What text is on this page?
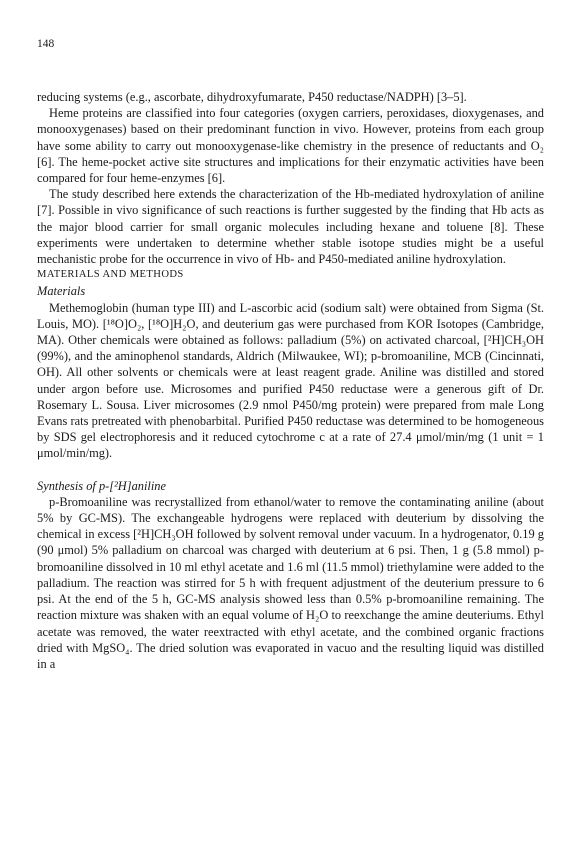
148

reducing systems (e.g., ascorbate, dihydroxyfumarate, P450 reductase/NADPH) [3–5].

Heme proteins are classified into four categories (oxygen carriers, peroxidases, dioxygenases, and monooxygenases) based on their predominant function in vivo. However, proteins from each group have some ability to carry out monooxygenase-like chemistry in the presence of reductants and O₂ [6]. The heme-pocket active site structures and implications for their enzymatic activities have been compared for four heme-enzymes [6].

The study described here extends the characterization of the Hb-mediated hydroxylation of aniline [7]. Possible in vivo significance of such reactions is further suggested by the finding that Hb acts as the major blood carrier for small organic molecules including hexane and toluene [8]. These experiments were undertaken to determine whether stable isotope studies might be a useful mechanistic probe for the occurrence in vivo of Hb- and P450-mediated aniline hydroxylation.

MATERIALS AND METHODS

Materials

Methemoglobin (human type III) and L-ascorbic acid (sodium salt) were obtained from Sigma (St. Louis, MO). [¹⁸O]O₂, [¹⁸O]H₂O, and deuterium gas were purchased from KOR Isotopes (Cambridge, MA). Other chemicals were obtained as follows: palladium (5%) on activated charcoal, [²H]CH₃OH (99%), and the aminophenol standards, Aldrich (Milwaukee, WI); p-bromoaniline, MCB (Cincinnati, OH). All other solvents or chemicals were at least reagent grade. Aniline was distilled and stored under argon before use. Microsomes and purified P450 reductase were a generous gift of Dr. Rosemary L. Sousa. Liver microsomes (2.9 nmol P450/mg protein) were prepared from male Long Evans rats pretreated with phenobarbital. Purified P450 reductase was determined to be homogeneous by SDS gel electrophoresis and it reduced cytochrome c at a rate of 27.4 μmol/min/mg (1 unit = 1 μmol/min/mg).

Synthesis of p-[²H]aniline

p-Bromoaniline was recrystallized from ethanol/water to remove the contaminating aniline (about 5% by GC-MS). The exchangeable hydrogens were replaced with deuterium by dissolving the chemical in excess [²H]CH₃OH followed by solvent removal under vacuum. In a hydrogenator, 0.19 g (90 μmol) 5% palladium on charcoal was charged with deuterium at 6 psi. Then, 1 g (5.8 mmol) p-bromoaniline dissolved in 10 ml ethyl acetate and 1.6 ml (11.5 mmol) triethylamine were added to the palladium. The reaction was stirred for 5 h with frequent adjustment of the deuterium pressure to 6 psi. At the end of the 5 h, GC-MS analysis showed less than 0.5% p-bromoaniline remaining. The reaction mixture was shaken with an equal volume of H₂O to reexchange the amine deuteriums. Ethyl acetate was removed, the water reextracted with ethyl acetate, and the combined organic fractions dried with MgSO₄. The dried solution was evaporated in vacuo and the resulting liquid was distilled in a
